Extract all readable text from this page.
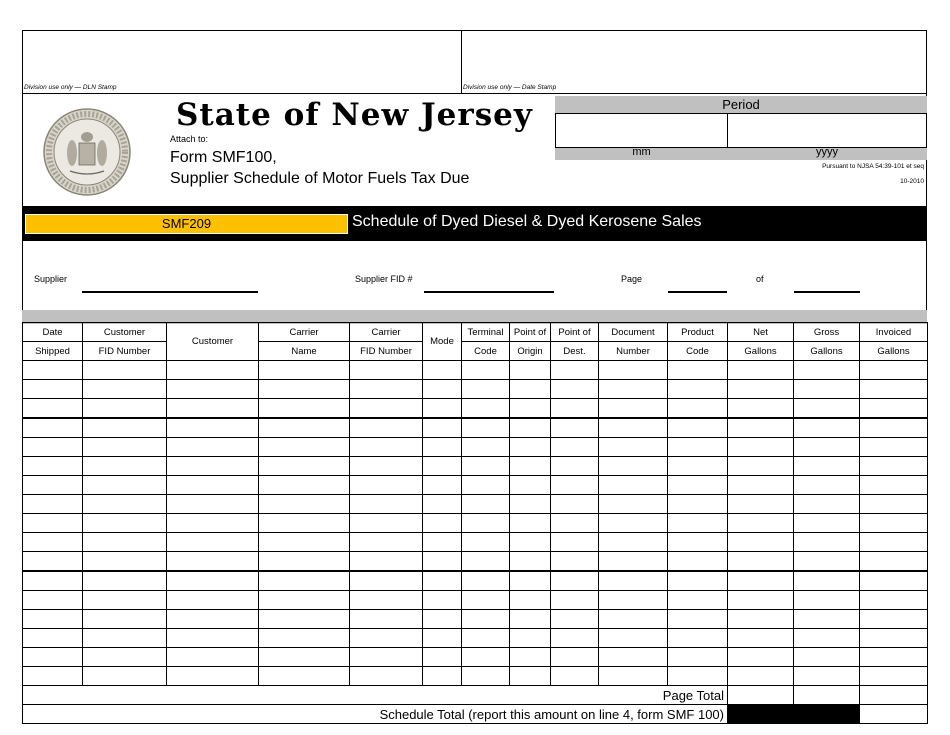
Division use only — DLN Stamp	Division use only — Date Stamp
State of New Jersey
Attach to:
Form SMF100,
Supplier Schedule of Motor Fuels Tax Due
Period
mm	yyyy
Pursuant to NJSA 54:39-101 et seq
10-2010
SMF209	Schedule of Dyed Diesel & Dyed Kerosene Sales
Supplier	Supplier FID #	Page	of
Date	Customer	Customer	Carrier	Carrier	Mode	Terminal	Point of	Point of	Document	Product	Net	Gross	Invoiced
Shipped	FID Number		Name	FID Number		Code	Origin	Dest.	Number	Code	Gallons	Gallons	Gallons

Page Total													
Schedule Total (report this amount on line 4, form SMF 100)													
